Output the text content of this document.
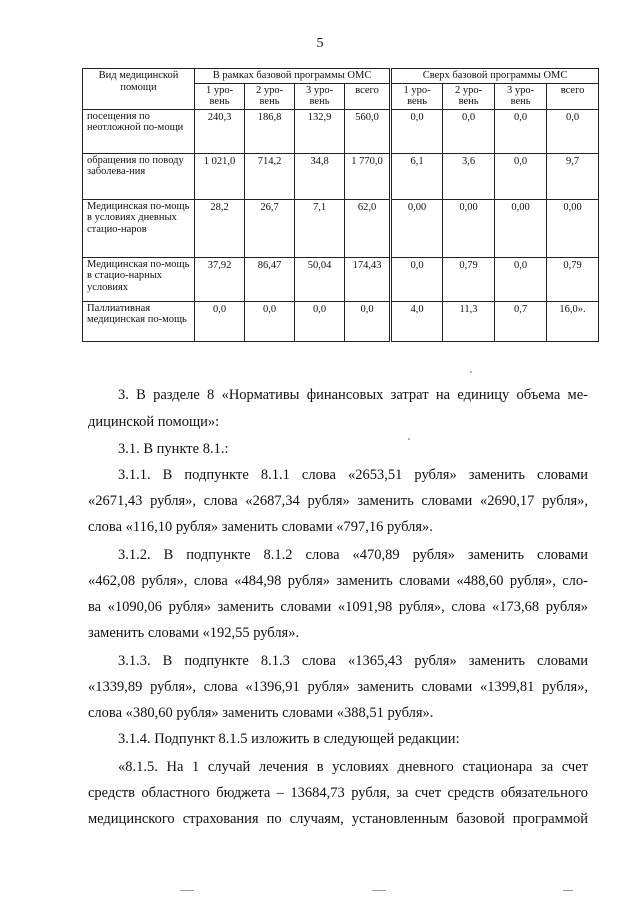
5
Вид медицинской помощи	В рамках базовой программы ОМС				Сверх базовой программы ОМС			
	1 уро-вень	2 уро-вень	3 уро-вень	всего	1 уро-вень	2 уро-вень	3 уро-вень	всего
посещения по неотложной по-мощи	240,3	186,8	132,9	560,0	0,0	0,0	0,0	0,0
обращения по поводу заболева-ния	1 021,0	714,2	34,8	1 770,0	6,1	3,6	0,0	9,7
Медицинская по-мощь в условиях дневных стацио-наров	28,2	26,7	7,1	62,0	0,00	0,00	0,00	0,00
Медицинская по-мощь в стацио-нарных условиях	37,92	86,47	50,04	174,43	0,0	0,79	0,0	0,79
Паллиативная медицинская по-мощь	0,0	0,0	0,0	0,0	4,0	11,3	0,7	16,0».
3. В разделе 8 «Нормативы финансовых затрат на единицу объема ме-
дицинской помощи»:
3.1. В пункте 8.1.:
3.1.1. В подпункте 8.1.1 слова «2653,51 рубля» заменить словами
«2671,43 рубля», слова «2687,34 рубля» заменить словами «2690,17 рубля»,
слова «116,10 рубля» заменить словами «797,16 рубля».
3.1.2. В подпункте 8.1.2 слова «470,89 рубля» заменить словами
«462,08 рубля», слова «484,98 рубля» заменить словами «488,60 рубля», сло-
ва «1090,06 рубля» заменить словами «1091,98 рубля», слова «173,68 рубля»
заменить словами «192,55 рубля».
3.1.3. В подпункте 8.1.3 слова «1365,43 рубля» заменить словами
«1339,89 рубля», слова «1396,91 рубля» заменить словами «1399,81 рубля»,
слова «380,60 рубля» заменить словами «388,51 рубля».
3.1.4. Подпункт 8.1.5 изложить в следующей редакции:
«8.1.5. На 1 случай лечения в условиях дневного стационара за счет
средств областного бюджета – 13684,73 рубля, за счет средств обязательного
медицинского страхования по случаям, установленным базовой программой
